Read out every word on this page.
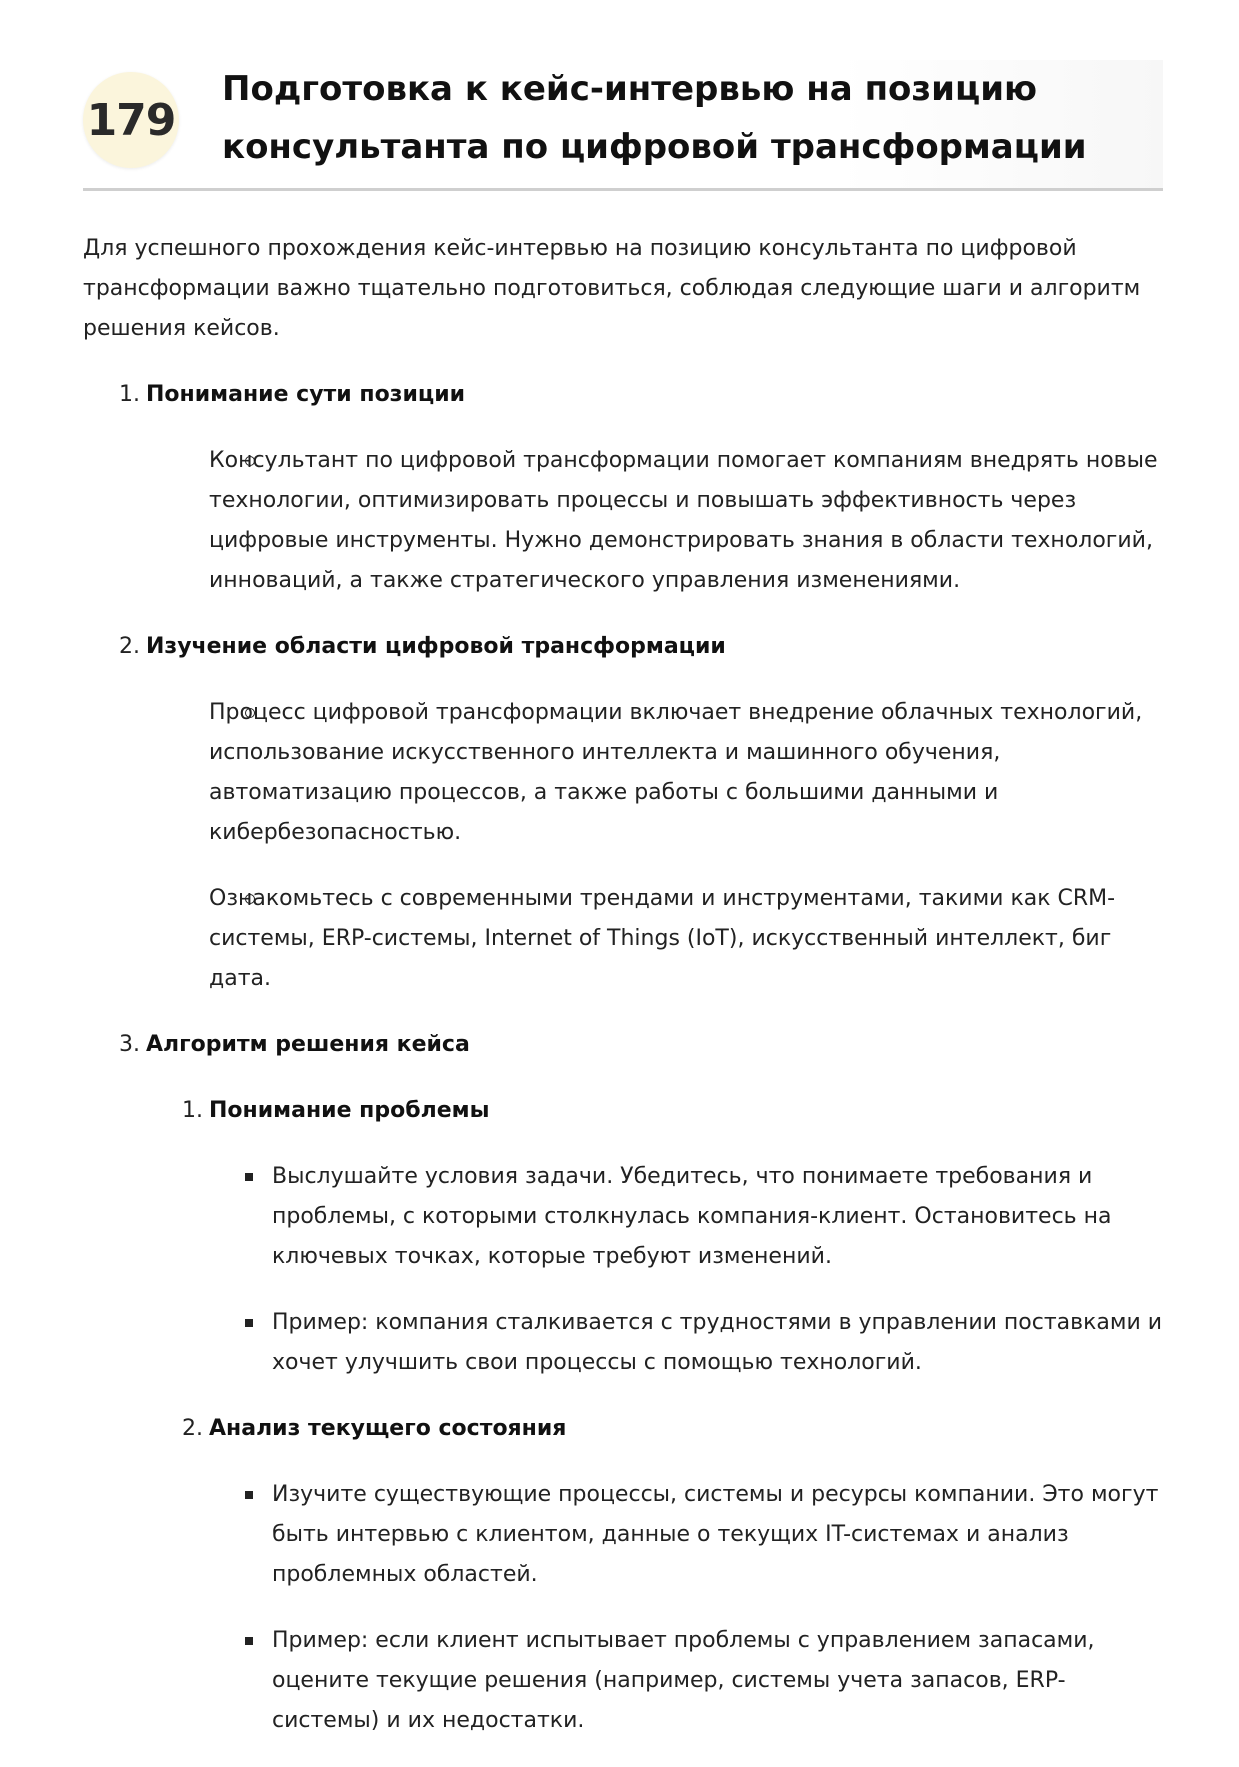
179
Подготовка к кейс-интервью на позицию консультанта по цифровой трансформации

Для успешного прохождения кейс-интервью на позицию консультанта по цифровой трансформации важно тщательно подготовиться, соблюдая следующие шаги и алгоритм решения кейсов.

1. Понимание сути позиции
Консультант по цифровой трансформации помогает компаниям внедрять новые технологии, оптимизировать процессы и повышать эффективность через цифровые инструменты. Нужно демонстрировать знания в области технологий, инноваций, а также стратегического управления изменениями.
2. Изучение области цифровой трансформации
Процесс цифровой трансформации включает внедрение облачных технологий, использование искусственного интеллекта и машинного обучения, автоматизацию процессов, а также работы с большими данными и кибербезопасностью.
Ознакомьтесь с современными трендами и инструментами, такими как CRM-системы, ERP-системы, Internet of Things (IoT), искусственный интеллект, биг дата.
3. Алгоритм решения кейса
1. Понимание проблемы
Выслушайте условия задачи. Убедитесь, что понимаете требования и проблемы, с которыми столкнулась компания-клиент. Остановитесь на ключевых точках, которые требуют изменений.
Пример: компания сталкивается с трудностями в управлении поставками и хочет улучшить свои процессы с помощью технологий.
2. Анализ текущего состояния
Изучите существующие процессы, системы и ресурсы компании. Это могут быть интервью с клиентом, данные о текущих IT-системах и анализ проблемных областей.
Пример: если клиент испытывает проблемы с управлением запасами, оцените текущие решения (например, системы учета запасов, ERP-системы) и их недостатки.
